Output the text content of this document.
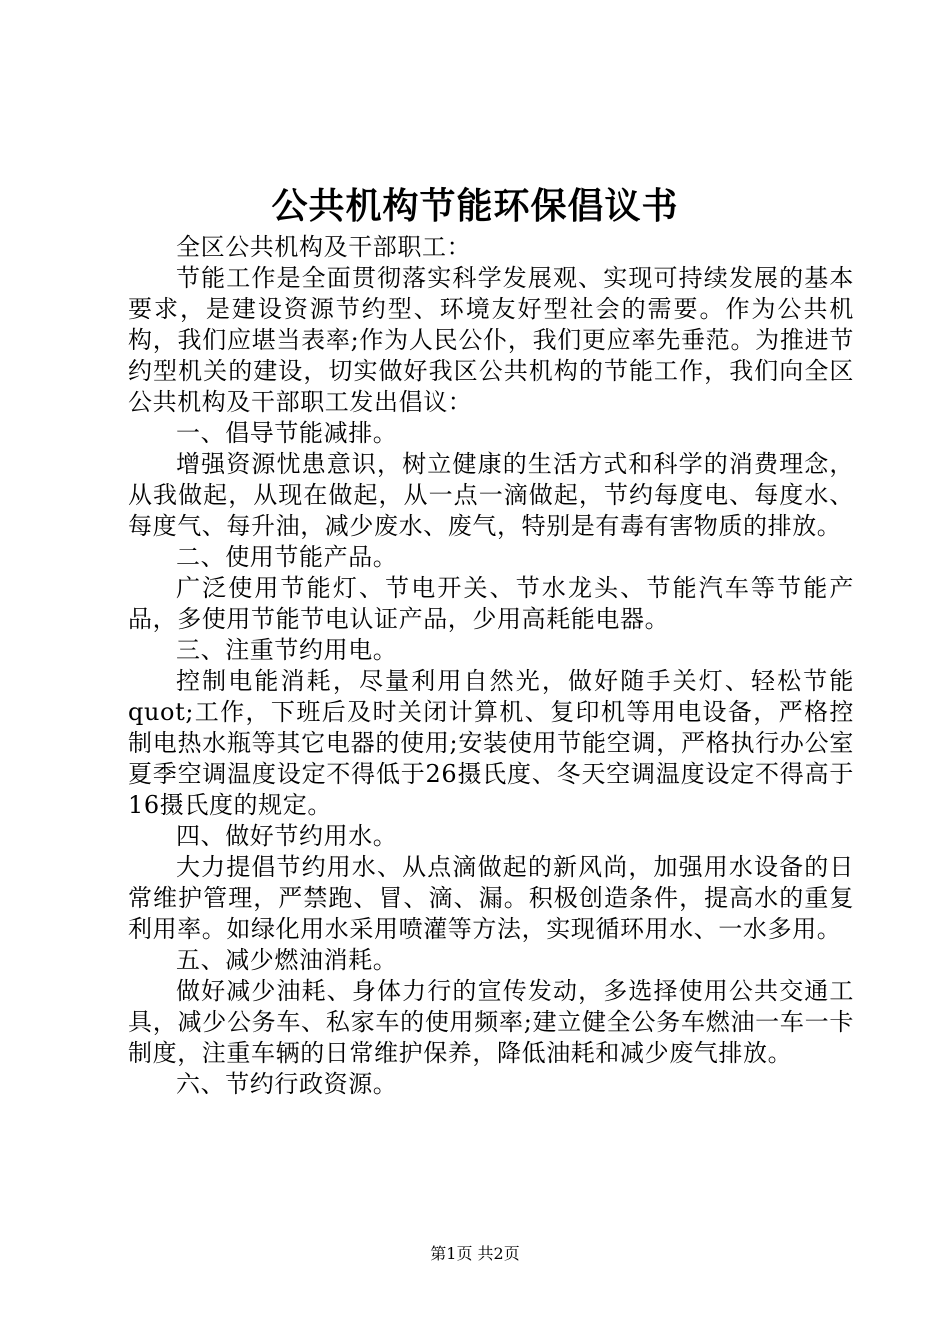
公共机构节能环保倡议书

全区公共机构及干部职工：

节能工作是全面贯彻落实科学发展观、实现可持续发展的基本要求，是建设资源节约型、环境友好型社会的需要。作为公共机构，我们应堪当表率;作为人民公仆，我们更应率先垂范。为推进节约型机关的建设，切实做好我区公共机构的节能工作，我们向全区公共机构及干部职工发出倡议：

一、倡导节能减排。

增强资源忧患意识，树立健康的生活方式和科学的消费理念，从我做起，从现在做起，从一点一滴做起，节约每度电、每度水、每度气、每升油，减少废水、废气，特别是有毒有害物质的排放。

二、使用节能产品。

广泛使用节能灯、节电开关、节水龙头、节能汽车等节能产品，多使用节能节电认证产品，少用高耗能电器。

三、注重节约用电。

控制电能消耗，尽量利用自然光，做好随手关灯、轻松节能quot;工作，下班后及时关闭计算机、复印机等用电设备，严格控制电热水瓶等其它电器的使用;安装使用节能空调，严格执行办公室夏季空调温度设定不得低于26摄氏度、冬天空调温度设定不得高于16摄氏度的规定。

四、做好节约用水。

大力提倡节约用水、从点滴做起的新风尚，加强用水设备的日常维护管理，严禁跑、冒、滴、漏。积极创造条件，提高水的重复利用率。如绿化用水采用喷灌等方法，实现循环用水、一水多用。

五、减少燃油消耗。

做好减少油耗、身体力行的宣传发动，多选择使用公共交通工具，减少公务车、私家车的使用频率;建立健全公务车燃油一车一卡制度，注重车辆的日常维护保养，降低油耗和减少废气排放。

六、节约行政资源。

第1页 共2页
